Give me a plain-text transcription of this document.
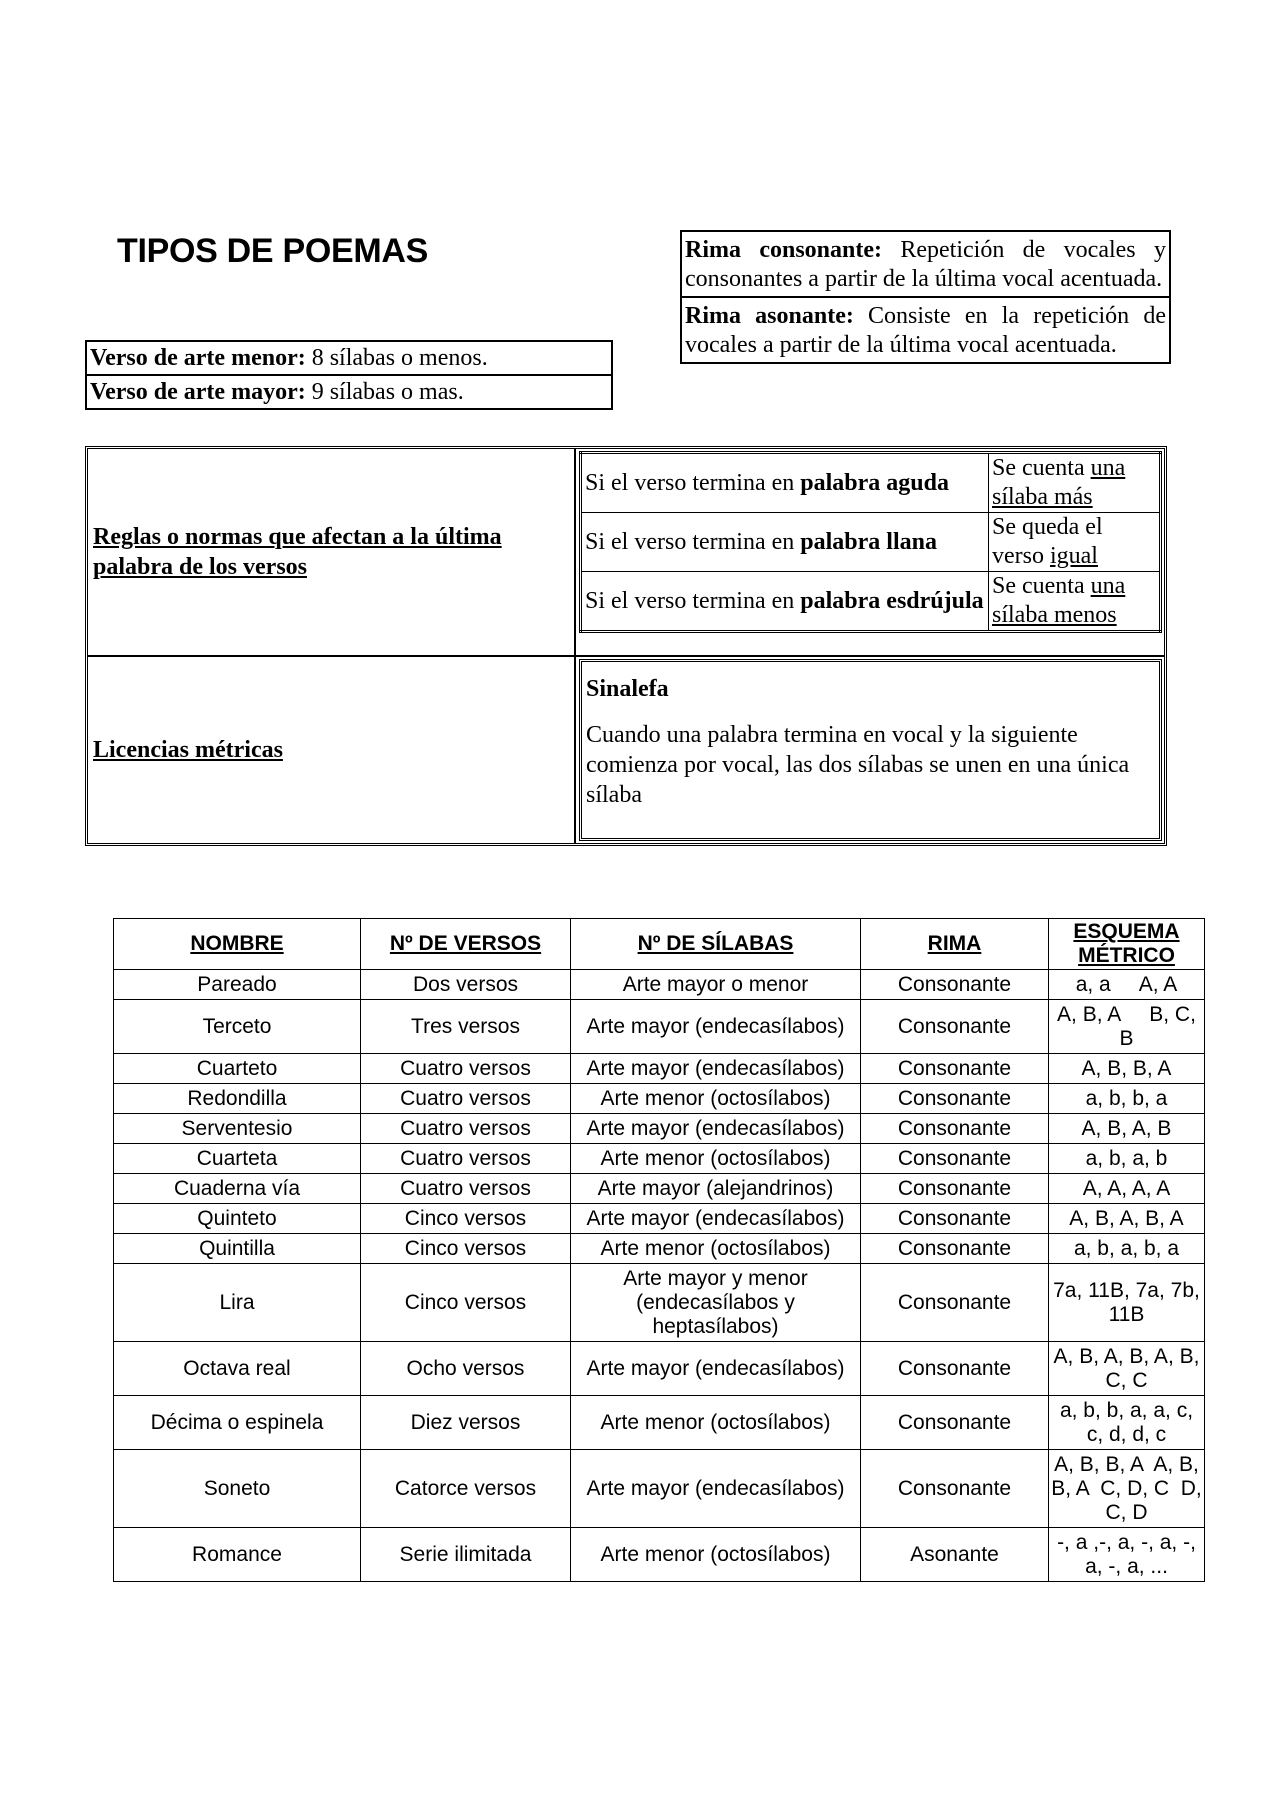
TIPOS DE POEMAS
Verso de arte menor: 8 sílabas o menos.
Verso de arte mayor: 9 sílabas o mas.
Rima consonante: Repetición de vocales y consonantes a partir de la última vocal acentuada.
Rima asonante: Consiste en la repetición de vocales a partir de la última vocal acentuada.
Reglas o normas que afectan a la última palabra de los versos
Si el verso termina en palabra aguda	Se cuenta una sílaba más
Si el verso termina en palabra llana	Se queda el verso igual
Si el verso termina en palabra esdrújula	Se cuenta una sílaba menos
Licencias métricas
Sinalefa
Cuando una palabra termina en vocal y la siguiente comienza por vocal, las dos sílabas se unen en una única sílaba
NOMBRE	Nº DE VERSOS	Nº DE SÍLABAS	RIMA	ESQUEMA MÉTRICO
Pareado	Dos versos	Arte mayor o menor	Consonante	a, a     A, A
Terceto	Tres versos	Arte mayor (endecasílabos)	Consonante	A, B, A     B, C, B
Cuarteto	Cuatro versos	Arte mayor (endecasílabos)	Consonante	A, B, B, A
Redondilla	Cuatro versos	Arte menor (octosílabos)	Consonante	a, b, b, a
Serventesio	Cuatro versos	Arte mayor (endecasílabos)	Consonante	A, B, A, B
Cuarteta	Cuatro versos	Arte menor (octosílabos)	Consonante	a, b, a, b
Cuaderna vía	Cuatro versos	Arte mayor (alejandrinos)	Consonante	A, A, A, A
Quinteto	Cinco versos	Arte mayor (endecasílabos)	Consonante	A, B, A, B, A
Quintilla	Cinco versos	Arte menor (octosílabos)	Consonante	a, b, a, b, a
Lira	Cinco versos	Arte mayor y menor (endecasílabos y heptasílabos)	Consonante	7a, 11B, 7a, 7b, 11B
Octava real	Ocho versos	Arte mayor (endecasílabos)	Consonante	A, B, A, B, A, B, C, C
Décima o espinela	Diez versos	Arte menor (octosílabos)	Consonante	a, b, b, a, a, c, c, d, d, c
Soneto	Catorce versos	Arte mayor (endecasílabos)	Consonante	A, B, B, A  A, B, B, A  C, D, C  D, C, D
Romance	Serie ilimitada	Arte menor (octosílabos)	Asonante	-, a ,-, a, -, a, -, a, -, a, ...
